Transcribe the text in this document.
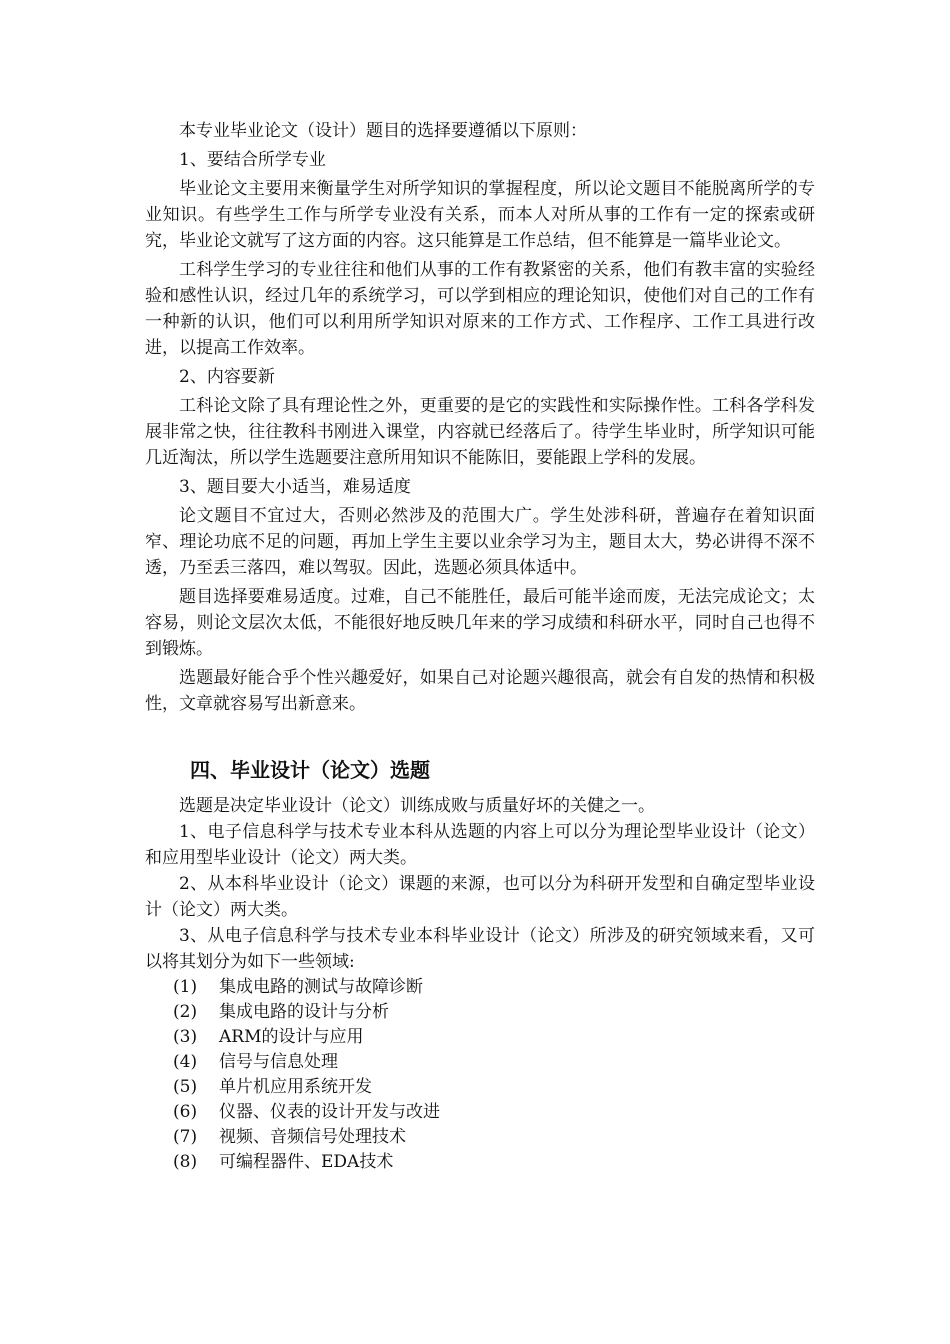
本专业毕业论文（设计）题目的选择要遵循以下原则：

1、要结合所学专业

毕业论文主要用来衡量学生对所学知识的掌握程度，所以论文题目不能脱离所学的专业知识。有些学生工作与所学专业没有关系，而本人对所从事的工作有一定的探索或研究，毕业论文就写了这方面的内容。这只能算是工作总结，但不能算是一篇毕业论文。

工科学生学习的专业往往和他们从事的工作有教紧密的关系，他们有教丰富的实验经验和感性认识，经过几年的系统学习，可以学到相应的理论知识，使他们对自己的工作有一种新的认识，他们可以利用所学知识对原来的工作方式、工作程序、工作工具进行改进，以提高工作效率。

2、内容要新

工科论文除了具有理论性之外，更重要的是它的实践性和实际操作性。工科各学科发展非常之快，往往教科书刚进入课堂，内容就已经落后了。待学生毕业时，所学知识可能几近淘汰，所以学生选题要注意所用知识不能陈旧，要能跟上学科的发展。

3、题目要大小适当，难易适度

论文题目不宜过大，否则必然涉及的范围大广。学生处涉科研，普遍存在着知识面窄、理论功底不足的问题，再加上学生主要以业余学习为主，题目太大，势必讲得不深不透，乃至丢三落四，难以驾驭。因此，选题必须具体适中。

题目选择要难易适度。过难，自己不能胜任，最后可能半途而废，无法完成论文；太容易，则论文层次太低，不能很好地反映几年来的学习成绩和科研水平，同时自己也得不到锻炼。

选题最好能合乎个性兴趣爱好，如果自己对论题兴趣很高，就会有自发的热情和积极性，文章就容易写出新意来。

四、毕业设计（论文）选题

选题是决定毕业设计（论文）训练成败与质量好坏的关健之一。

1、电子信息科学与技术专业本科从选题的内容上可以分为理论型毕业设计（论文）和应用型毕业设计（论文）两大类。

2、从本科毕业设计（论文）课题的来源，也可以分为科研开发型和自确定型毕业设计（论文）两大类。

3、从电子信息科学与技术专业本科毕业设计（论文）所涉及的研究领域来看，又可以将其划分为如下一些领域:

(1) 集成电路的测试与故障诊断

(2) 集成电路的设计与分析

(3) ARM的设计与应用

(4) 信号与信息处理

(5) 单片机应用系统开发

(6) 仪器、仪表的设计开发与改进

(7) 视频、音频信号处理技术

(8) 可编程器件、EDA技术
